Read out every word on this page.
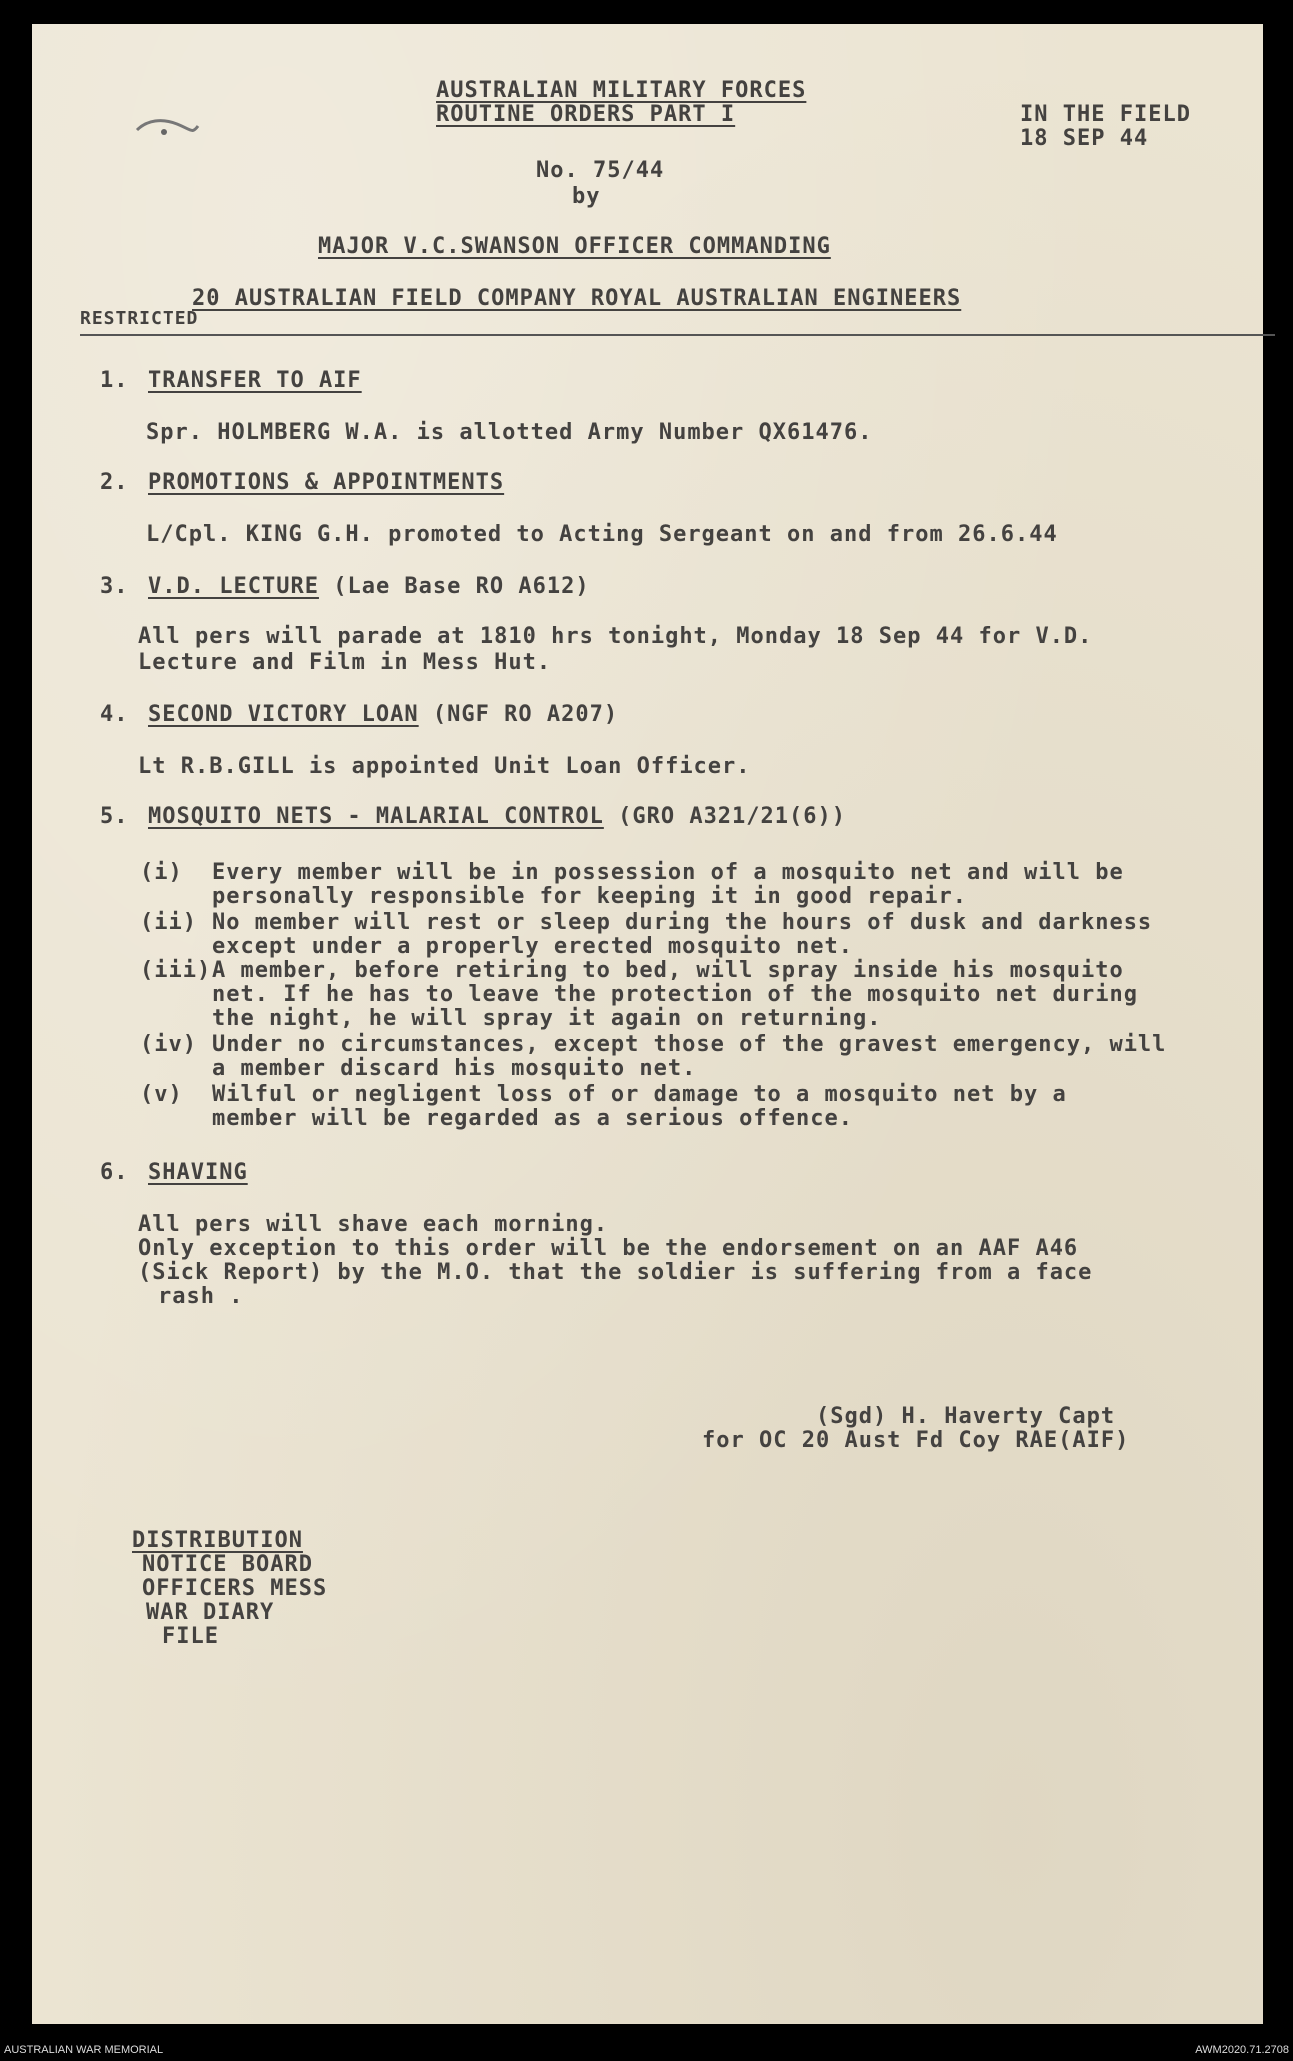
AUSTRALIAN MILITARY FORCES
ROUTINE ORDERS PART I	IN THE FIELD
18 SEP 44
No. 75/44
by
MAJOR V.C.SWANSON OFFICER COMMANDING
20 AUSTRALIAN FIELD COMPANY ROYAL AUSTRALIAN ENGINEERS
RESTRICTED
1. TRANSFER TO AIF
Spr. HOLMBERG W.A. is allotted Army Number QX61476.
2. PROMOTIONS & APPOINTMENTS
L/Cpl. KING G.H. promoted to Acting Sergeant on and from 26.6.44
3. V.D. LECTURE (Lae Base RO A612)
All pers will parade at 1810 hrs tonight, Monday 18 Sep 44 for V.D.
Lecture and Film in Mess Hut.
4. SECOND VICTORY LOAN (NGF RO A207)
Lt R.B.GILL is appointed Unit Loan Officer.
5. MOSQUITO NETS - MALARIAL CONTROL (GRO A321/21(6))
(i) Every member will be in possession of a mosquito net and will be
personally responsible for keeping it in good repair.
(ii) No member will rest or sleep during the hours of dusk and darkness
except under a properly erected mosquito net.
(iii) A member, before retiring to bed, will spray inside his mosquito
net. If he has to leave the protection of the mosquito net during
the night, he will spray it again on returning.
(iv) Under no circumstances, except those of the gravest emergency, will
a member discard his mosquito net.
(v) Wilful or negligent loss of or damage to a mosquito net by a
member will be regarded as a serious offence.
6. SHAVING
All pers will shave each morning.
Only exception to this order will be the endorsement on an AAF A46
(Sick Report) by the M.O. that the soldier is suffering from a face
rash .
(Sgd) H. Haverty Capt
for OC 20 Aust Fd Coy RAE(AIF)
DISTRIBUTION
NOTICE BOARD
OFFICERS MESS
WAR DIARY
FILE
AUSTRALIAN WAR MEMORIAL	AWM2020.71.2708
